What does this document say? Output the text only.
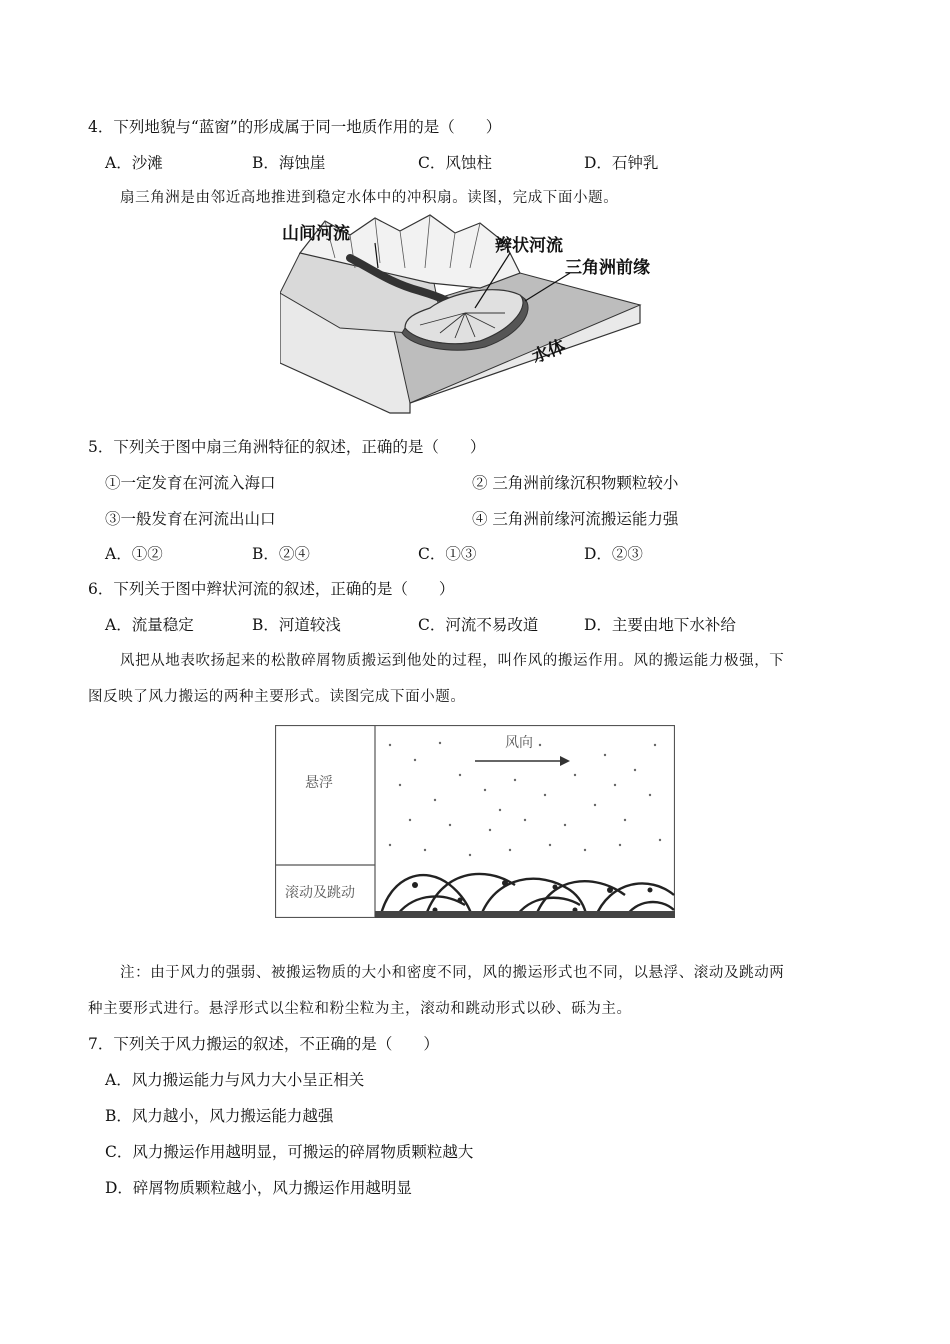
4．下列地貌与“蓝窗”的形成属于同一地质作用的是（　　）
A．沙滩	B．海蚀崖	C．风蚀柱	D．石钟乳
扇三角洲是由邻近高地推进到稳定水体中的冲积扇。读图，完成下面小题。
山间河流
辫状河流
三角洲前缘
水体
5．下列关于图中扇三角洲特征的叙述，正确的是（　　）
①一定发育在河流入海口	② 三角洲前缘沉积物颗粒较小
③一般发育在河流出山口	④ 三角洲前缘河流搬运能力强
A．①②	B．②④	C．①③	D．②③
6．下列关于图中辫状河流的叙述，正确的是（　　）
A．流量稳定	B．河道较浅	C．河流不易改道	D．主要由地下水补给
风把从地表吹扬起来的松散碎屑物质搬运到他处的过程，叫作风的搬运作用。风的搬运能力极强，下
图反映了风力搬运的两种主要形式。读图完成下面小题。
悬浮
滚动及跳动
风向
注：由于风力的强弱、被搬运物质的大小和密度不同，风的搬运形式也不同，以悬浮、滚动及跳动两
种主要形式进行。悬浮形式以尘粒和粉尘粒为主，滚动和跳动形式以砂、砾为主。
7．下列关于风力搬运的叙述，不正确的是（　　）
A．风力搬运能力与风力大小呈正相关
B．风力越小，风力搬运能力越强
C．风力搬运作用越明显，可搬运的碎屑物质颗粒越大
D．碎屑物质颗粒越小，风力搬运作用越明显
